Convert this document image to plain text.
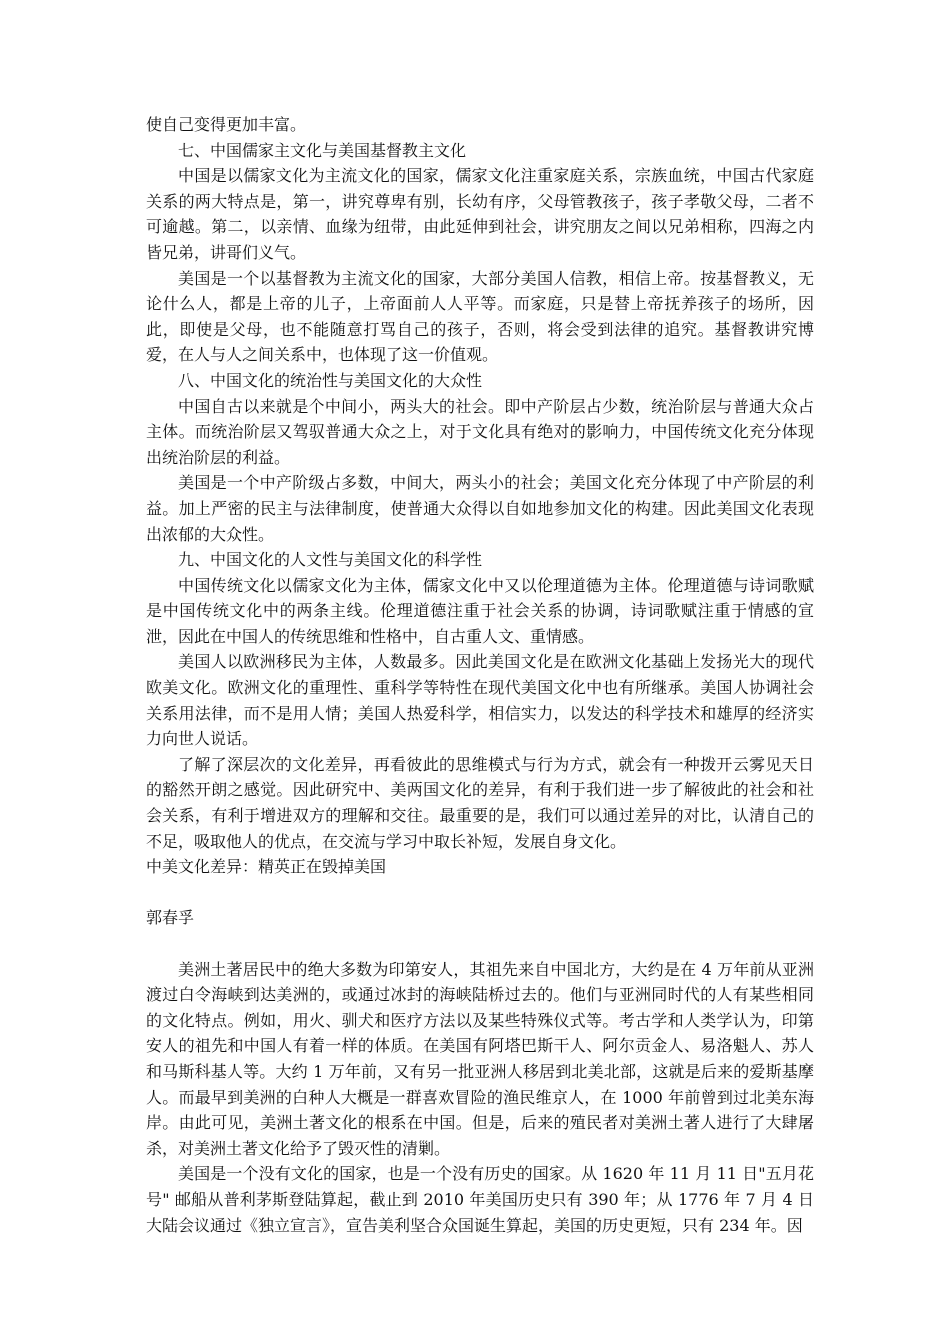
使自己变得更加丰富。

七、中国儒家主文化与美国基督教主文化

中国是以儒家文化为主流文化的国家，儒家文化注重家庭关系，宗族血统，中国古代家庭关系的两大特点是，第一，讲究尊卑有别，长幼有序，父母管教孩子，孩子孝敬父母，二者不可逾越。第二，以亲情、血缘为纽带，由此延伸到社会，讲究朋友之间以兄弟相称，四海之内皆兄弟，讲哥们义气。

美国是一个以基督教为主流文化的国家，大部分美国人信教，相信上帝。按基督教义，无论什么人，都是上帝的儿子，上帝面前人人平等。而家庭，只是替上帝抚养孩子的场所，因此，即使是父母，也不能随意打骂自己的孩子，否则，将会受到法律的追究。基督教讲究博爱，在人与人之间关系中，也体现了这一价值观。

八、中国文化的统治性与美国文化的大众性

中国自古以来就是个中间小，两头大的社会。即中产阶层占少数，统治阶层与普通大众占主体。而统治阶层又驾驭普通大众之上，对于文化具有绝对的影响力，中国传统文化充分体现出统治阶层的利益。

美国是一个中产阶级占多数，中间大，两头小的社会；美国文化充分体现了中产阶层的利益。加上严密的民主与法律制度，使普通大众得以自如地参加文化的构建。因此美国文化表现出浓郁的大众性。

九、中国文化的人文性与美国文化的科学性

中国传统文化以儒家文化为主体，儒家文化中又以伦理道德为主体。伦理道德与诗词歌赋是中国传统文化中的两条主线。伦理道德注重于社会关系的协调，诗词歌赋注重于情感的宣泄，因此在中国人的传统思维和性格中，自古重人文、重情感。

美国人以欧洲移民为主体，人数最多。因此美国文化是在欧洲文化基础上发扬光大的现代欧美文化。欧洲文化的重理性、重科学等特性在现代美国文化中也有所继承。美国人协调社会关系用法律，而不是用人情；美国人热爱科学，相信实力，以发达的科学技术和雄厚的经济实力向世人说话。

了解了深层次的文化差异，再看彼此的思维模式与行为方式，就会有一种拨开云雾见天日的豁然开朗之感觉。因此研究中、美两国文化的差异，有利于我们进一步了解彼此的社会和社会关系，有利于增进双方的理解和交往。最重要的是，我们可以通过差异的对比，认清自己的不足，吸取他人的优点，在交流与学习中取长补短，发展自身文化。

中美文化差异：精英正在毁掉美国

郭春孚

美洲土著居民中的绝大多数为印第安人，其祖先来自中国北方，大约是在 4 万年前从亚洲渡过白令海峡到达美洲的，或通过冰封的海峡陆桥过去的。他们与亚洲同时代的人有某些相同的文化特点。例如，用火、驯犬和医疗方法以及某些特殊仪式等。考古学和人类学认为，印第安人的祖先和中国人有着一样的体质。在美国有阿塔巴斯干人、阿尔贡金人、易洛魁人、苏人和马斯科基人等。大约 1 万年前，又有另一批亚洲人移居到北美北部，这就是后来的爱斯基摩人。而最早到美洲的白种人大概是一群喜欢冒险的渔民维京人，在 1000 年前曾到过北美东海岸。由此可见，美洲土著文化的根系在中国。但是，后来的殖民者对美洲土著人进行了大肆屠杀，对美洲土著文化给予了毁灭性的清剿。

美国是一个没有文化的国家，也是一个没有历史的国家。从 1620 年 11 月 11 日"五月花号" 邮船从普利茅斯登陆算起，截止到 2010 年美国历史只有 390 年；从 1776 年 7 月 4 日大陆会议通过《独立宣言》，宣告美利坚合众国诞生算起，美国的历史更短，只有 234 年。因
